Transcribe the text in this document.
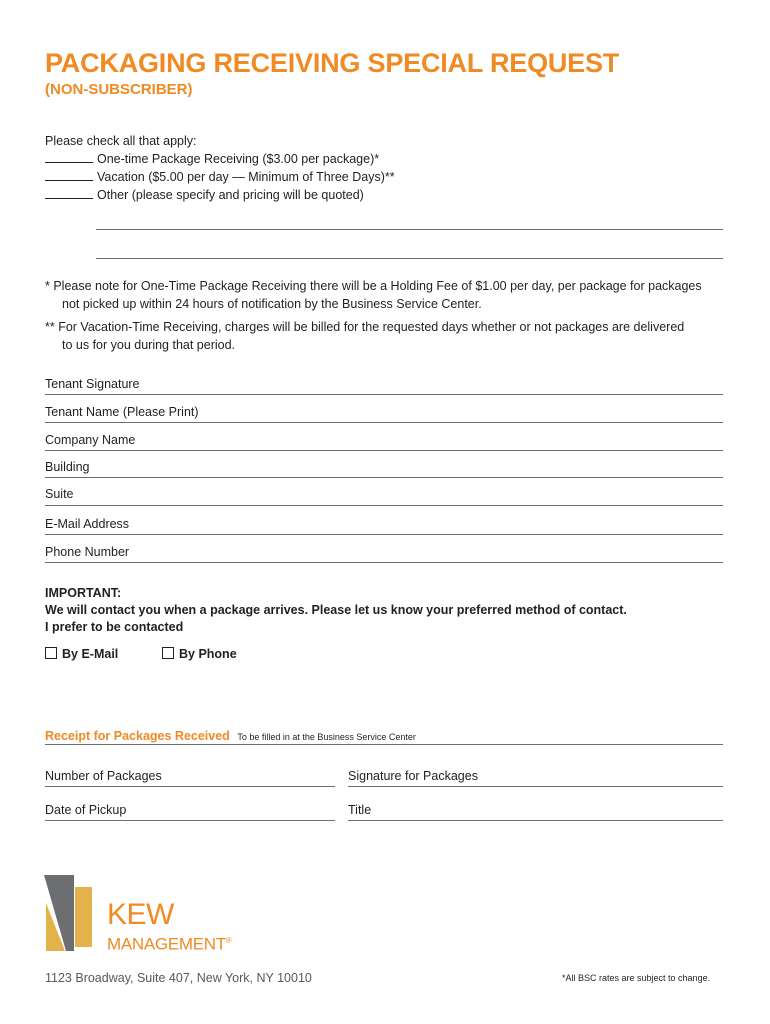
PACKAGING RECEIVING SPECIAL REQUEST
(NON-SUBSCRIBER)
Please check all that apply:
One-time Package Receiving ($3.00 per package)*
Vacation ($5.00 per day — Minimum of Three Days)**
Other (please specify and pricing will be quoted)
* Please note for One-Time Package Receiving there will be a Holding Fee of $1.00 per day, per package for packages
not picked up within 24 hours of notification by the Business Service Center.
** For Vacation-Time Receiving, charges will be billed for the requested days whether or not packages are delivered
to us for you during that period.
Tenant Signature
Tenant Name (Please Print)
Company Name
Building
Suite
E-Mail Address
Phone Number
IMPORTANT:
We will contact you when a package arrives. Please let us know your preferred method of contact.
I prefer to be contacted
By E-Mail	By Phone
Receipt for Packages Received To be filled in at the Business Service Center
Number of Packages	Signature for Packages
Date of Pickup	Title
KEW
MANAGEMENT®
1123 Broadway, Suite 407, New York, NY 10010	*All BSC rates are subject to change.
